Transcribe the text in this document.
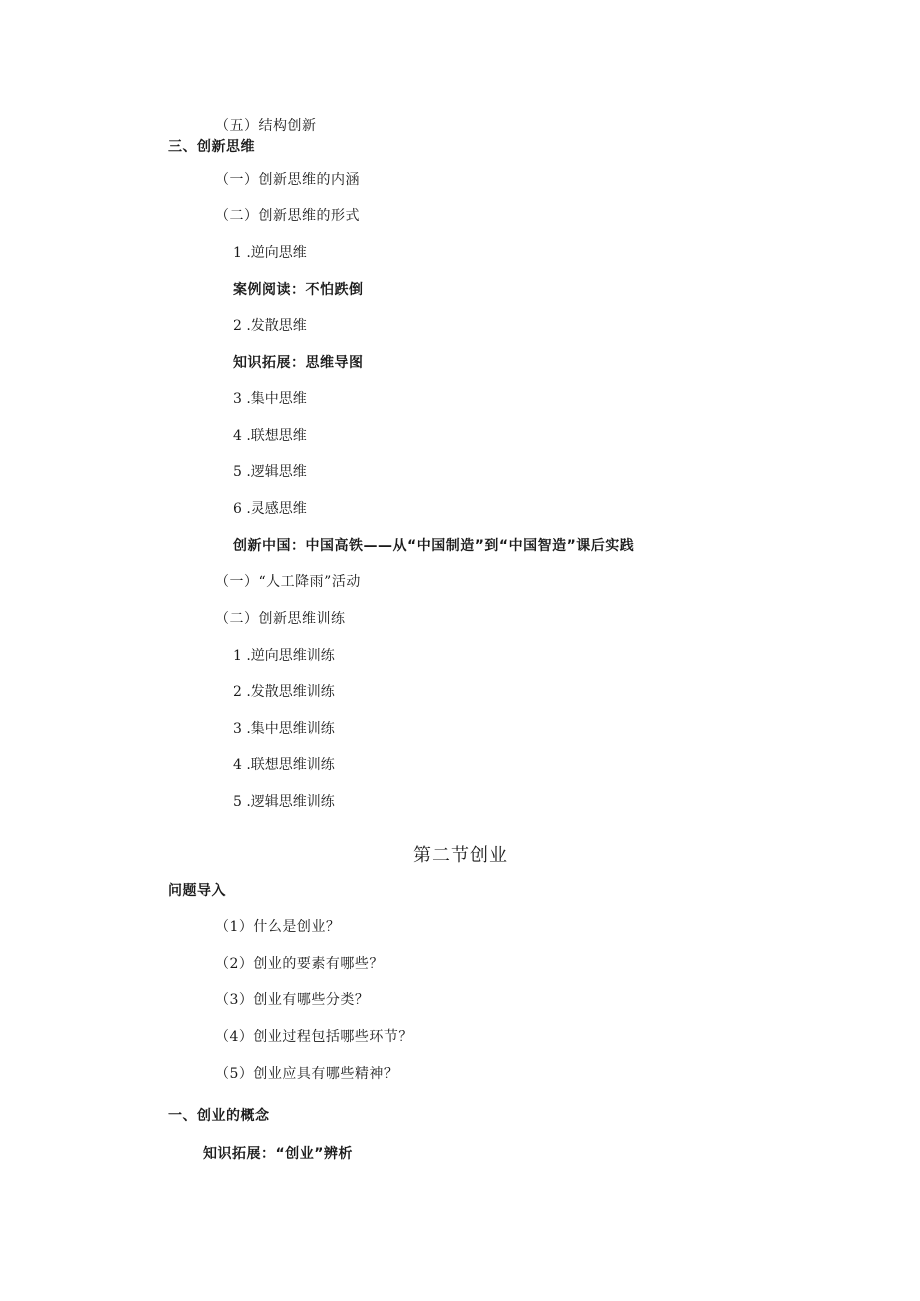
（五）结构创新
三、创新思维
（一）创新思维的内涵
（二）创新思维的形式
1 .逆向思维
案例阅读：不怕跌倒
2 .发散思维
知识拓展：思维导图
3 .集中思维
4 .联想思维
5 .逻辑思维
6 .灵感思维
创新中国：中国高铁——从“中国制造”到“中国智造”课后实践
（一）“人工降雨”活动
（二）创新思维训练
1 .逆向思维训练
2 .发散思维训练
3 .集中思维训练
4 .联想思维训练
5 .逻辑思维训练
第二节创业
问题导入
（1）什么是创业？
（2）创业的要素有哪些？
（3）创业有哪些分类？
（4）创业过程包括哪些环节？
（5）创业应具有哪些精神？
一、创业的概念
知识拓展：“创业”辨析
